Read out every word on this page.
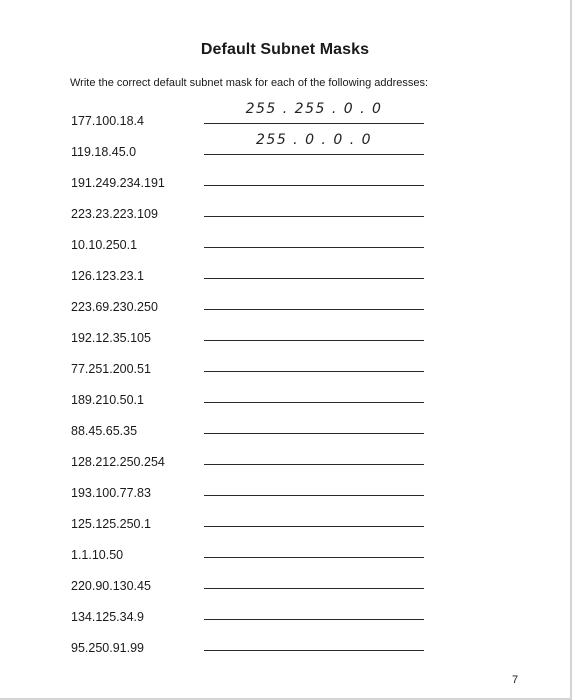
Default Subnet Masks
Write the correct default subnet mask for each of the following addresses:
177.100.18.4
255 . 255 . 0 . 0
119.18.45.0
255 . 0 . 0 . 0
191.249.234.191
223.23.223.109
10.10.250.1
126.123.23.1
223.69.230.250
192.12.35.105
77.251.200.51
189.210.50.1
88.45.65.35
128.212.250.254
193.100.77.83
125.125.250.1
1.1.10.50
220.90.130.45
134.125.34.9
95.250.91.99
7
